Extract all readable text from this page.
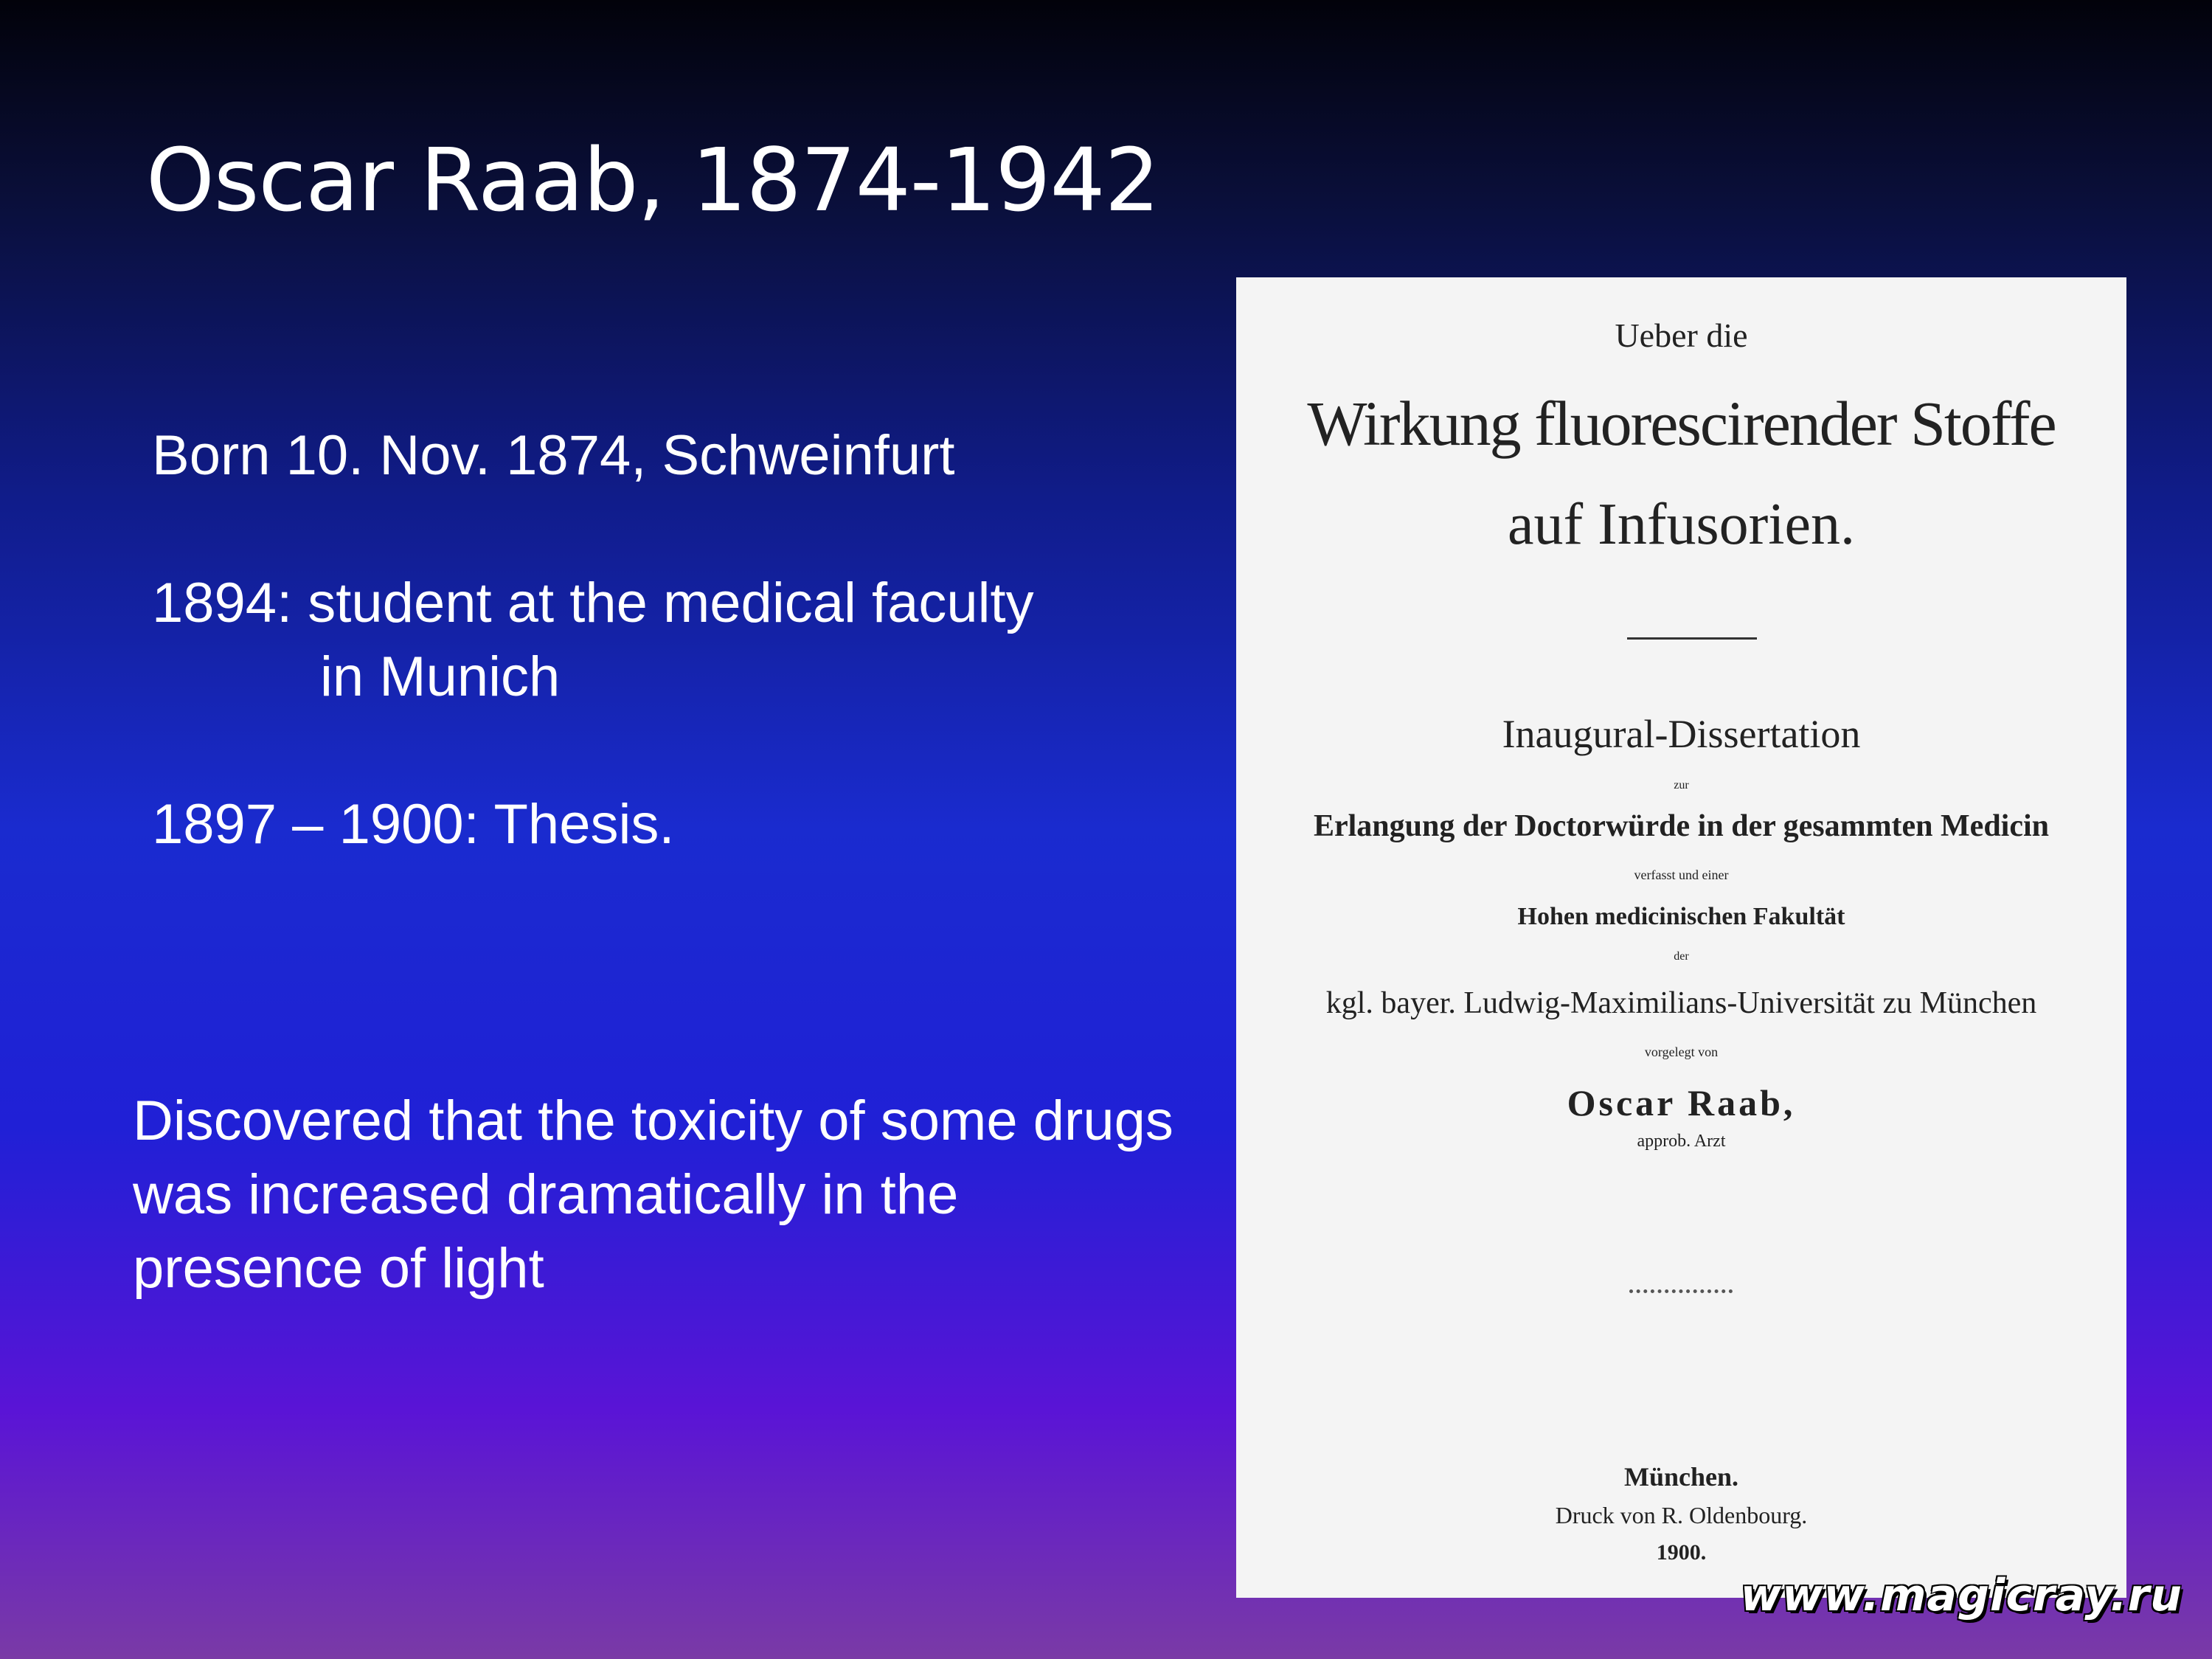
Oscar Raab, 1874-1942
Born 10. Nov. 1874, Schweinfurt
1894: student at the medical faculty
in Munich
1897 – 1900: Thesis.
Discovered that the toxicity of some drugs was increased dramatically in the presence of light
Ueber die
Wirkung fluorescirender Stoffe
auf Infusorien.
Inaugural-Dissertation
zur
Erlangung der Doctorwürde in der gesammten Medicin
verfasst und einer
Hohen medicinischen Fakultät
der
kgl. bayer. Ludwig-Maximilians-Universität zu München
vorgelegt von
Oscar Raab,
approb. Arzt
München.
Druck von R. Oldenbourg.
1900.
www.magicray.ru
